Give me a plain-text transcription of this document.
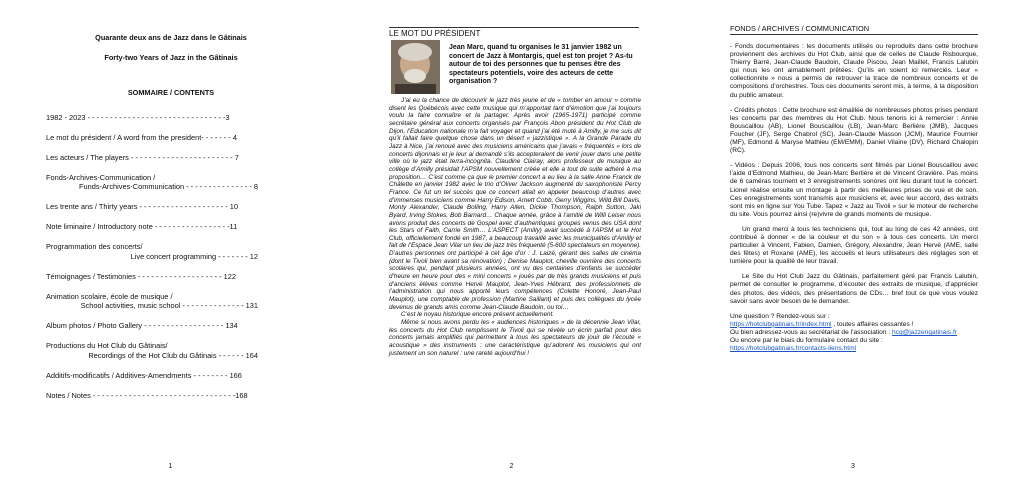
Quarante deux ans de Jazz dans le Gâtinais
Forty-two Years of Jazz in the Gâtinais
SOMMAIRE / CONTENTS
1982 - 2023 - - - - - - - - - - - - - - - - - - - - - - - - - - - - - - -3
Le mot du président / A word from the president- - - - - - - 4
Les acteurs / The players - - - - - - - - - - - - - - - - - - - - - - - 7
Fonds-Archives-Communication /
Funds-Archives-Communication - - - - - - - - - - - - - - - 8
Les trente ans / Thirty years - - - - - - - - - - - - - - - - - - - - 10
Note liminaire / Introductory note - - - - - - - - - - - - - - - - -11
Programmation des concerts/
Live concert programming - - - - - - - 12
Témoignages / Testimonies - - - - - - - - - - - - - - - - - - - 122
Animation scolaire, école de musique /
School activities, music school - - - - - - - - - - - - - - 131
Album photos / Photo Gallery - - - - - - - - - - - - - - - - - - 134
Productions du Hot Club du Gâtinais/
Recordings of the Hot Club du Gâtinais - - - - - - 164
Additifs-modificatifs / Additives-Amendments - - - - - - - - 166
Notes / Notes - - - - - - - - - - - - - - - - - - - - - - - - - - - - - - - -168
1
LE MOT DU PRÉSIDENT
Jean Marc, quand tu organises le 31 janvier 1982 un concert de Jazz à Montargis, quel est ton projet ? As-tu autour de toi des personnes que tu penses être des spectateurs potentiels, voire des acteurs de cette organisation ?

J’ai eu la chance de découvrir le jazz très jeune et de « tomber en amour » comme disent les Québécois avec cette musique qui m’apportait tant d’émotion que j’ai toujours voulu la faire connaître et la partager. Après avoir (1965-1971) participé comme secrétaire général aux concerts organisés par François Abon président du Hot Club de Dijon, l’Education nationale m’a fait voyager et quand j’ai été muté à Amilly, je me suis dit qu’il fallait faire quelque chose dans un désert « jazzistique ». A la Grande Parade du Jazz à Nice, j’ai renoué avec des musiciens américains que j’avais « fréquentés » lors de concerts dijonnais et je leur ai demandé s’ils accepteraient de venir jouer dans une petite ville où le jazz était terra-incognita. Claudine Clairay, alors professeur de musique au collège d’Amilly présidait l’APSM nouvellement créée et elle a tout de suite adhéré à ma proposition… C’est comme ça que le premier concert a eu lieu à la salle Anne Franck de Châlette en janvier 1982 avec le trio d’Oliver Jackson augmenté du saxophoniste Percy France. Ce fut un tel succès que ce concert allait en appeler beaucoup d’autres avec d’immenses musiciens comme Harry Edison, Arnett Cobb, Gerry Wiggins, Wild Bill Davis, Monty Alexander, Claude Bolling, Harry Allen, Dickie Thompson, Ralph Sutton, Jaki Byard, Irving Stokes, Bob Barnard… Chaque année, grâce à l’amitié de Willi Leiser nous avons produit des concerts de Gospel avec d’authentiques groupes venus des USA dont les Stars of Faith, Carrie Smith… L’ASPECT (Amilly) avait succédé à l’APSM et le Hot Club, officiellement fondé en 1987, a beaucoup travaillé avec les municipalités d’Amilly et fait de l’Espace Jean Vilar un lieu de jazz très fréquenté (5-600 spectateurs en moyenne). D’autres personnes ont participé à cet âge d’or : J. Laizé, gérant des salles de cinéma (dont le Tivoli bien avant sa rénovation) ; Denise Mauplot, cheville ouvrière des concerts scolaires qui, pendant plusieurs années, ont vu des centaines d’enfants se succéder d’heure en heure pour des « mini concerts » joués par de très grands musiciens et puis d’anciens élèves comme Hervé Mauplot, Jean-Yves Hébrard, des professionnels de l’administration qui nous apporté leurs compétences (Colette Honoré, Jean-Paul Mauplot), une comptable de profession (Martine Saillant) et puis des collègues du lycée devenus de grands amis comme Jean-Claude Baudoin, ou toi…

C’est le noyau historique encore présent actuellement.

Même si nous avons perdu les « audiences historiques » de la décennie Jean Vilar, les concerts du Hot Club remplissent le Tivoli qui se révèle un écrin parfait pour des concerts jamais amplifiés qui permettent à tous les spectateurs de jouir de l’écoute « acoustique » des instruments : une caractéristique qu’adorent les musiciens qui ont justement un son naturel : une rareté aujourd’hui !

2
FONDS / ARCHIVES / COMMUNICATION

- Fonds documentaires : les documents utilisés ou reproduits dans cette brochure proviennent des archives du Hot Club, ainsi que de celles de Claude Risbourque, Thierry Barré, Jean-Claude Baudoin, Claude Piscou, Jean Maillet, Francis Lalubin qui nous les ont aimablement prêtées. Qu’ils en soient ici remerciés. Leur « collectionnite » nous a permis de retrouver la trace de nombreux concerts et de compositions d’orchestres. Tous ces documents seront mis, à terme, à la disposition du public amateur.

- Crédits photos : Cette brochure est émaillée de nombreuses photos prises pendant les concerts par des membres du Hot Club. Nous tenons ici à remercier : Annie Bouscaillou (AB), Lionel Bouscaillou (LB), Jean-Marc Berlière (JMB), Jacques Foucher (JF), Serge Chabrol (SC), Jean-Claude Masson (JCM), Maurice Fournier (MF), Edmond & Maryse Mathieu (EM/EMM), Daniel Vilaine (DV), Richard Chalopin (RC).

- Vidéos : Depuis 2006, tous nos concerts sont filmés par Lionel Bouscaillou avec l’aide d’Edmond Mathieu, de Jean-Marc Berlière et de Vincent Gravière. Pas moins de 6 caméras tournent et 3 enregistrements sonores ont lieu durant tout le concert. Lionel réalise ensuite un montage à partir des meilleures prises de vue et de son. Ces enregistrements sont transmis aux musiciens et, avec leur accord, des extraits sont mis en ligne sur You Tube. Tapez « Jazz au Tivoli » sur le moteur de recherche du site. Vous pourrez ainsi (re)vivre de grands moments de musique.

Un grand merci à tous les techniciens qui, tout au long de ces 42 années, ont contribué à donner « de la couleur et du son » à tous ces concerts. Un merci particulier à Vincent, Fabien, Damien, Grégory, Alexandre, Jean Hervé (AME, salle des fêtes) et Roxane (AME), les accueils et leurs utilisateurs des réglages son et lumière pour la qualité de leur travail.

Le Site du Hot Club Jazz du Gâtinais, parfaitement géré par Francis Lalubin, permet de consulter le programme, d’écouter des extraits de musique, d’apprécier des photos, des vidéos, des présentations de CDs… bref tout ce que vous voulez savoir sans avoir besoin de le demander.

Une question ? Rendez-vous sur :

https://hotclubgatinais.fr/index.html , toutes affaires cessantes !

Ou bien adressez-vous au secrétariat de l’association : hcg@jazzengatinais.fr

Ou encore par le biais du formulaire contact du site :

https://hotclubgatinais.fr/contacts-liens.html

3
